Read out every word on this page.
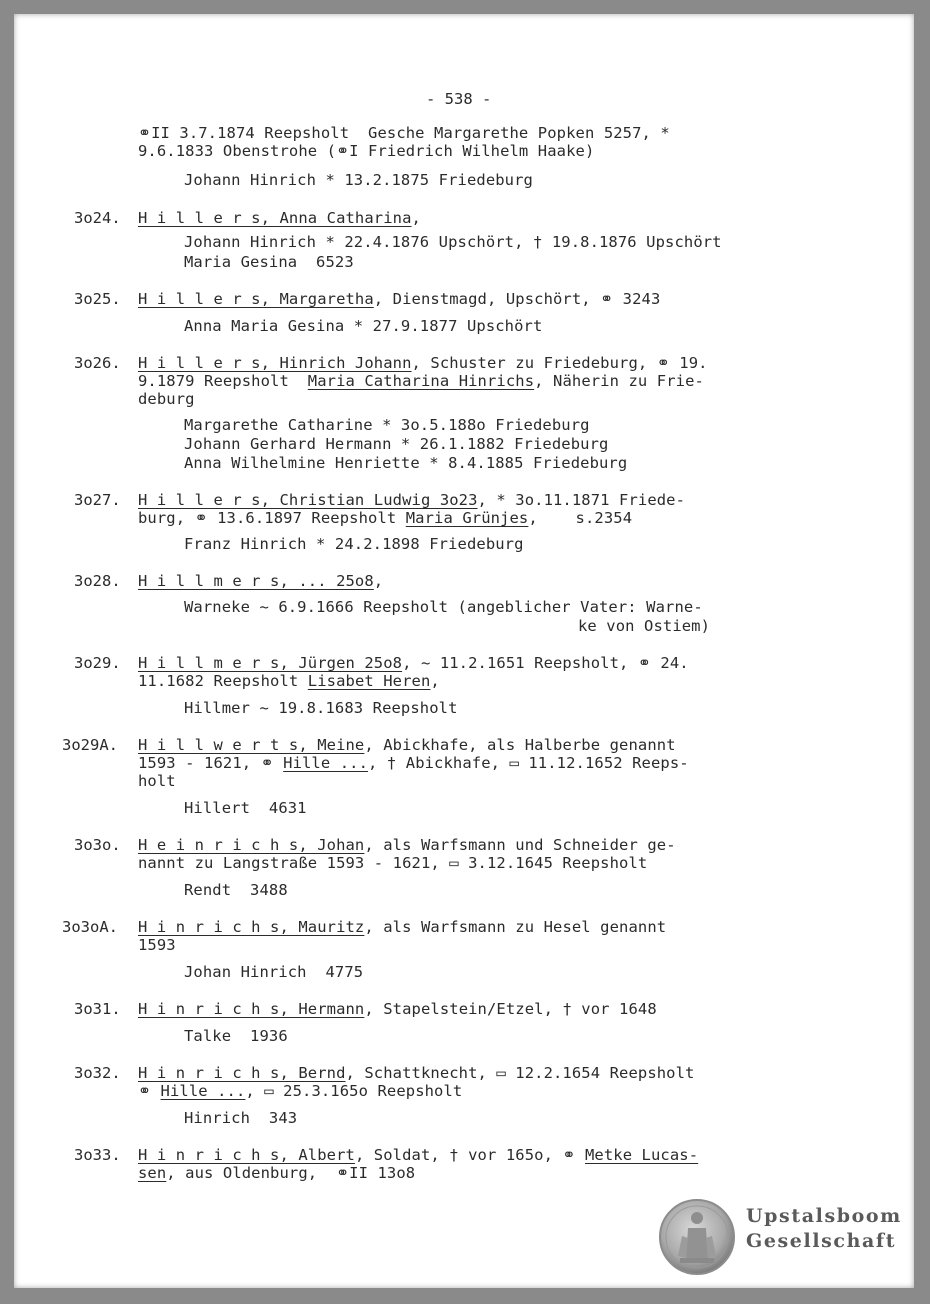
- 538 -
⚭II 3.7.1874 Reepsholt  Gesche Margarethe Popken 5257, *
9.6.1833 Obenstrohe (⚭I Friedrich Wilhelm Haake)
Johann Hinrich * 13.2.1875 Friedeburg
3o24. H i l l e r s, Anna Catharina,
Johann Hinrich * 22.4.1876 Upschört, † 19.8.1876 Upschört
Maria Gesina  6523
3o25. H i l l e r s, Margaretha, Dienstmagd, Upschört, ⚭ 3243
Anna Maria Gesina * 27.9.1877 Upschört
3o26. H i l l e r s, Hinrich Johann, Schuster zu Friedeburg, ⚭ 19.
9.1879 Reepsholt  Maria Catharina Hinrichs, Näherin zu Frie-
deburg
Margarethe Catharine * 3o.5.188o Friedeburg
Johann Gerhard Hermann * 26.1.1882 Friedeburg
Anna Wilhelmine Henriette * 8.4.1885 Friedeburg
3o27. H i l l e r s, Christian Ludwig 3o23, * 3o.11.1871 Friede-
burg, ⚭ 13.6.1897 Reepsholt Maria Grünjes,    s.2354
Franz Hinrich * 24.2.1898 Friedeburg
3o28. H i l l m e r s, ... 25o8,
Warneke ~ 6.9.1666 Reepsholt (angeblicher Vater: Warne-
ke von Ostiem)
3o29. H i l l m e r s, Jürgen 25o8, ~ 11.2.1651 Reepsholt, ⚭ 24.
11.1682 Reepsholt Lisabet Heren,
Hillmer ~ 19.8.1683 Reepsholt
3o29A. H i l l w e r t s, Meine, Abickhafe, als Halberbe genannt
1593 - 1621, ⚭ Hille ..., † Abickhafe, ▭ 11.12.1652 Reeps-
holt
Hillert  4631
3o3o. H e i n r i c h s, Johan, als Warfsmann und Schneider ge-
nannt zu Langstraße 1593 - 1621, ▭ 3.12.1645 Reepsholt
Rendt  3488
3o3oA. H i n r i c h s, Mauritz, als Warfsmann zu Hesel genannt
1593
Johan Hinrich  4775
3o31. H i n r i c h s, Hermann, Stapelstein/Etzel, † vor 1648
Talke  1936
3o32. H i n r i c h s, Bernd, Schattknecht, ▭ 12.2.1654 Reepsholt
⚭ Hille ..., ▭ 25.3.165o Reepsholt
Hinrich  343
3o33. H i n r i c h s, Albert, Soldat, † vor 165o, ⚭ Metke Lucas-
sen, aus Oldenburg,  ⚭II 13o8
Upstalsboom
Gesellschaft
